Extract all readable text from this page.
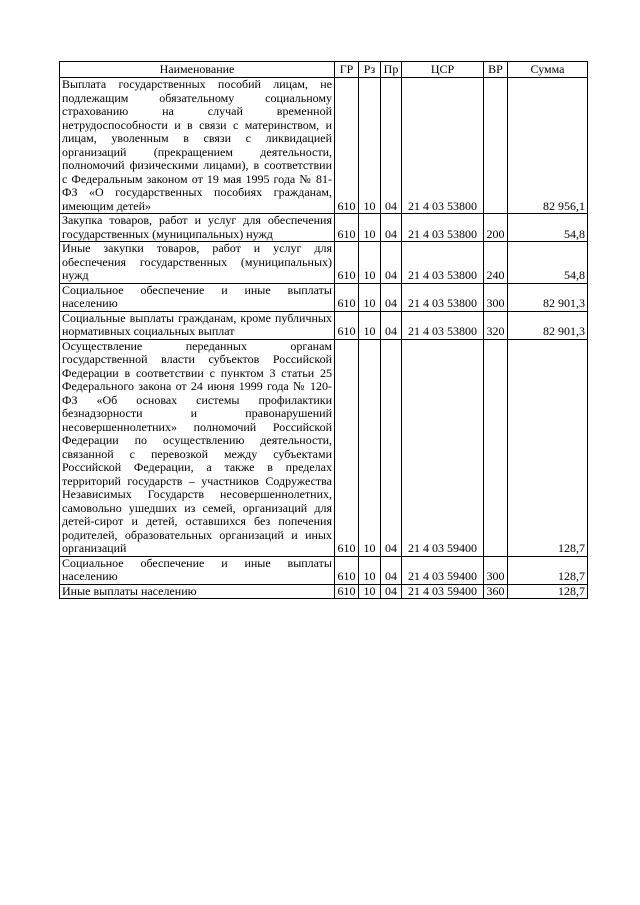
Наименование	ГР	Рз	Пр	ЦСР	ВР	Сумма
Выплата государственных пособий лицам, не подлежащим обязательному социальному страхованию на случай временной нетрудоспособности и в связи с материнством, и лицам, уволенным в связи с ликвидацией организаций (прекращением деятельности, полномочий физическими лицами), в соответствии с Федеральным законом от 19 мая 1995 года № 81-ФЗ «О государственных пособиях гражданам, имеющим детей»	610	10	04	21 4 03 53800		82 956,1
Закупка товаров, работ и услуг для обеспечения государственных (муниципальных) нужд	610	10	04	21 4 03 53800	200	54,8
Иные закупки товаров, работ и услуг для обеспечения государственных (муниципальных) нужд	610	10	04	21 4 03 53800	240	54,8
Социальное обеспечение и иные выплаты населению	610	10	04	21 4 03 53800	300	82 901,3
Социальные выплаты гражданам, кроме публичных нормативных социальных выплат	610	10	04	21 4 03 53800	320	82 901,3
Осуществление переданных органам государственной власти субъектов Российской Федерации в соответствии с пунктом 3 статьи 25 Федерального закона от 24 июня 1999 года № 120-ФЗ «Об основах системы профилактики безнадзорности и правонарушений несовершеннолетних» полномочий Российской Федерации по осуществлению деятельности, связанной с перевозкой между субъектами Российской Федерации, а также в пределах территорий государств – участников Содружества Независимых Государств несовершеннолетних, самовольно ушедших из семей, организаций для детей-сирот и детей, оставшихся без попечения родителей, образовательных организаций и иных организаций	610	10	04	21 4 03 59400		128,7
Социальное обеспечение и иные выплаты населению	610	10	04	21 4 03 59400	300	128,7
Иные выплаты населению	610	10	04	21 4 03 59400	360	128,7
